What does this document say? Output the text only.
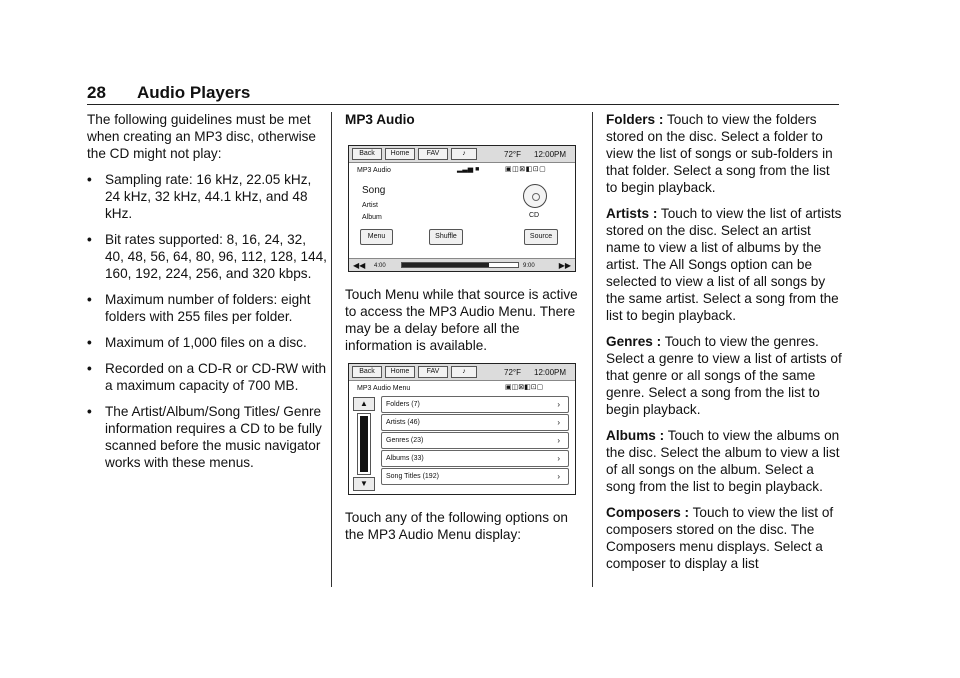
28 Audio Players

The following guidelines must be met when creating an MP3 disc, otherwise the CD might not play:

• Sampling rate: 16 kHz, 22.05 kHz, 24 kHz, 32 kHz, 44.1 kHz, and 48 kHz.
• Bit rates supported: 8, 16, 24, 32, 40, 48, 56, 64, 80, 96, 112, 128, 144, 160, 192, 224, 256, and 320 kbps.
• Maximum number of folders: eight folders with 255 files per folder.
• Maximum of 1,000 files on a disc.
• Recorded on a CD-R or CD-RW with a maximum capacity of 700 MB.
• The Artist/Album/Song Titles/ Genre information requires a CD to be fully scanned before the music navigator works with these menus.
MP3 Audio
Back	Home	FAV	♪	72°F 12:00PM
MP3 Audio	▂▃▅ ■	▣◫⊠◧⊡▢
Song
Artist
Album	CD
Menu	Shuffle	Source
◀◀ 4:00	9:00	▶▶

Touch Menu while that source is active to access the MP3 Audio Menu. There may be a delay before all the information is available.

Back	Home	FAV	♪	72°F 12:00PM
MP3 Audio Menu	▣◫⊠◧⊡▢
▲
▼
Folders (7)	›
Artists (46)	›
Genres (23)	›
Albums (33)	›
Song Titles (192)	›

Touch any of the following options on the MP3 Audio Menu display:

Folders : Touch to view the folders stored on the disc. Select a folder to view the list of songs or sub-folders in that folder. Select a song from the list to begin playback.

Artists : Touch to view the list of artists stored on the disc. Select an artist name to view a list of albums by the artist. The All Songs option can be selected to view a list of all songs by the same artist. Select a song from the list to begin playback.

Genres : Touch to view the genres. Select a genre to view a list of artists of that genre or all songs of the same genre. Select a song from the list to begin playback.

Albums : Touch to view the albums on the disc. Select the album to view a list of all songs on the album. Select a song from the list to begin playback.

Composers : Touch to view the list of composers stored on the disc. The Composers menu displays. Select a composer to display a list
